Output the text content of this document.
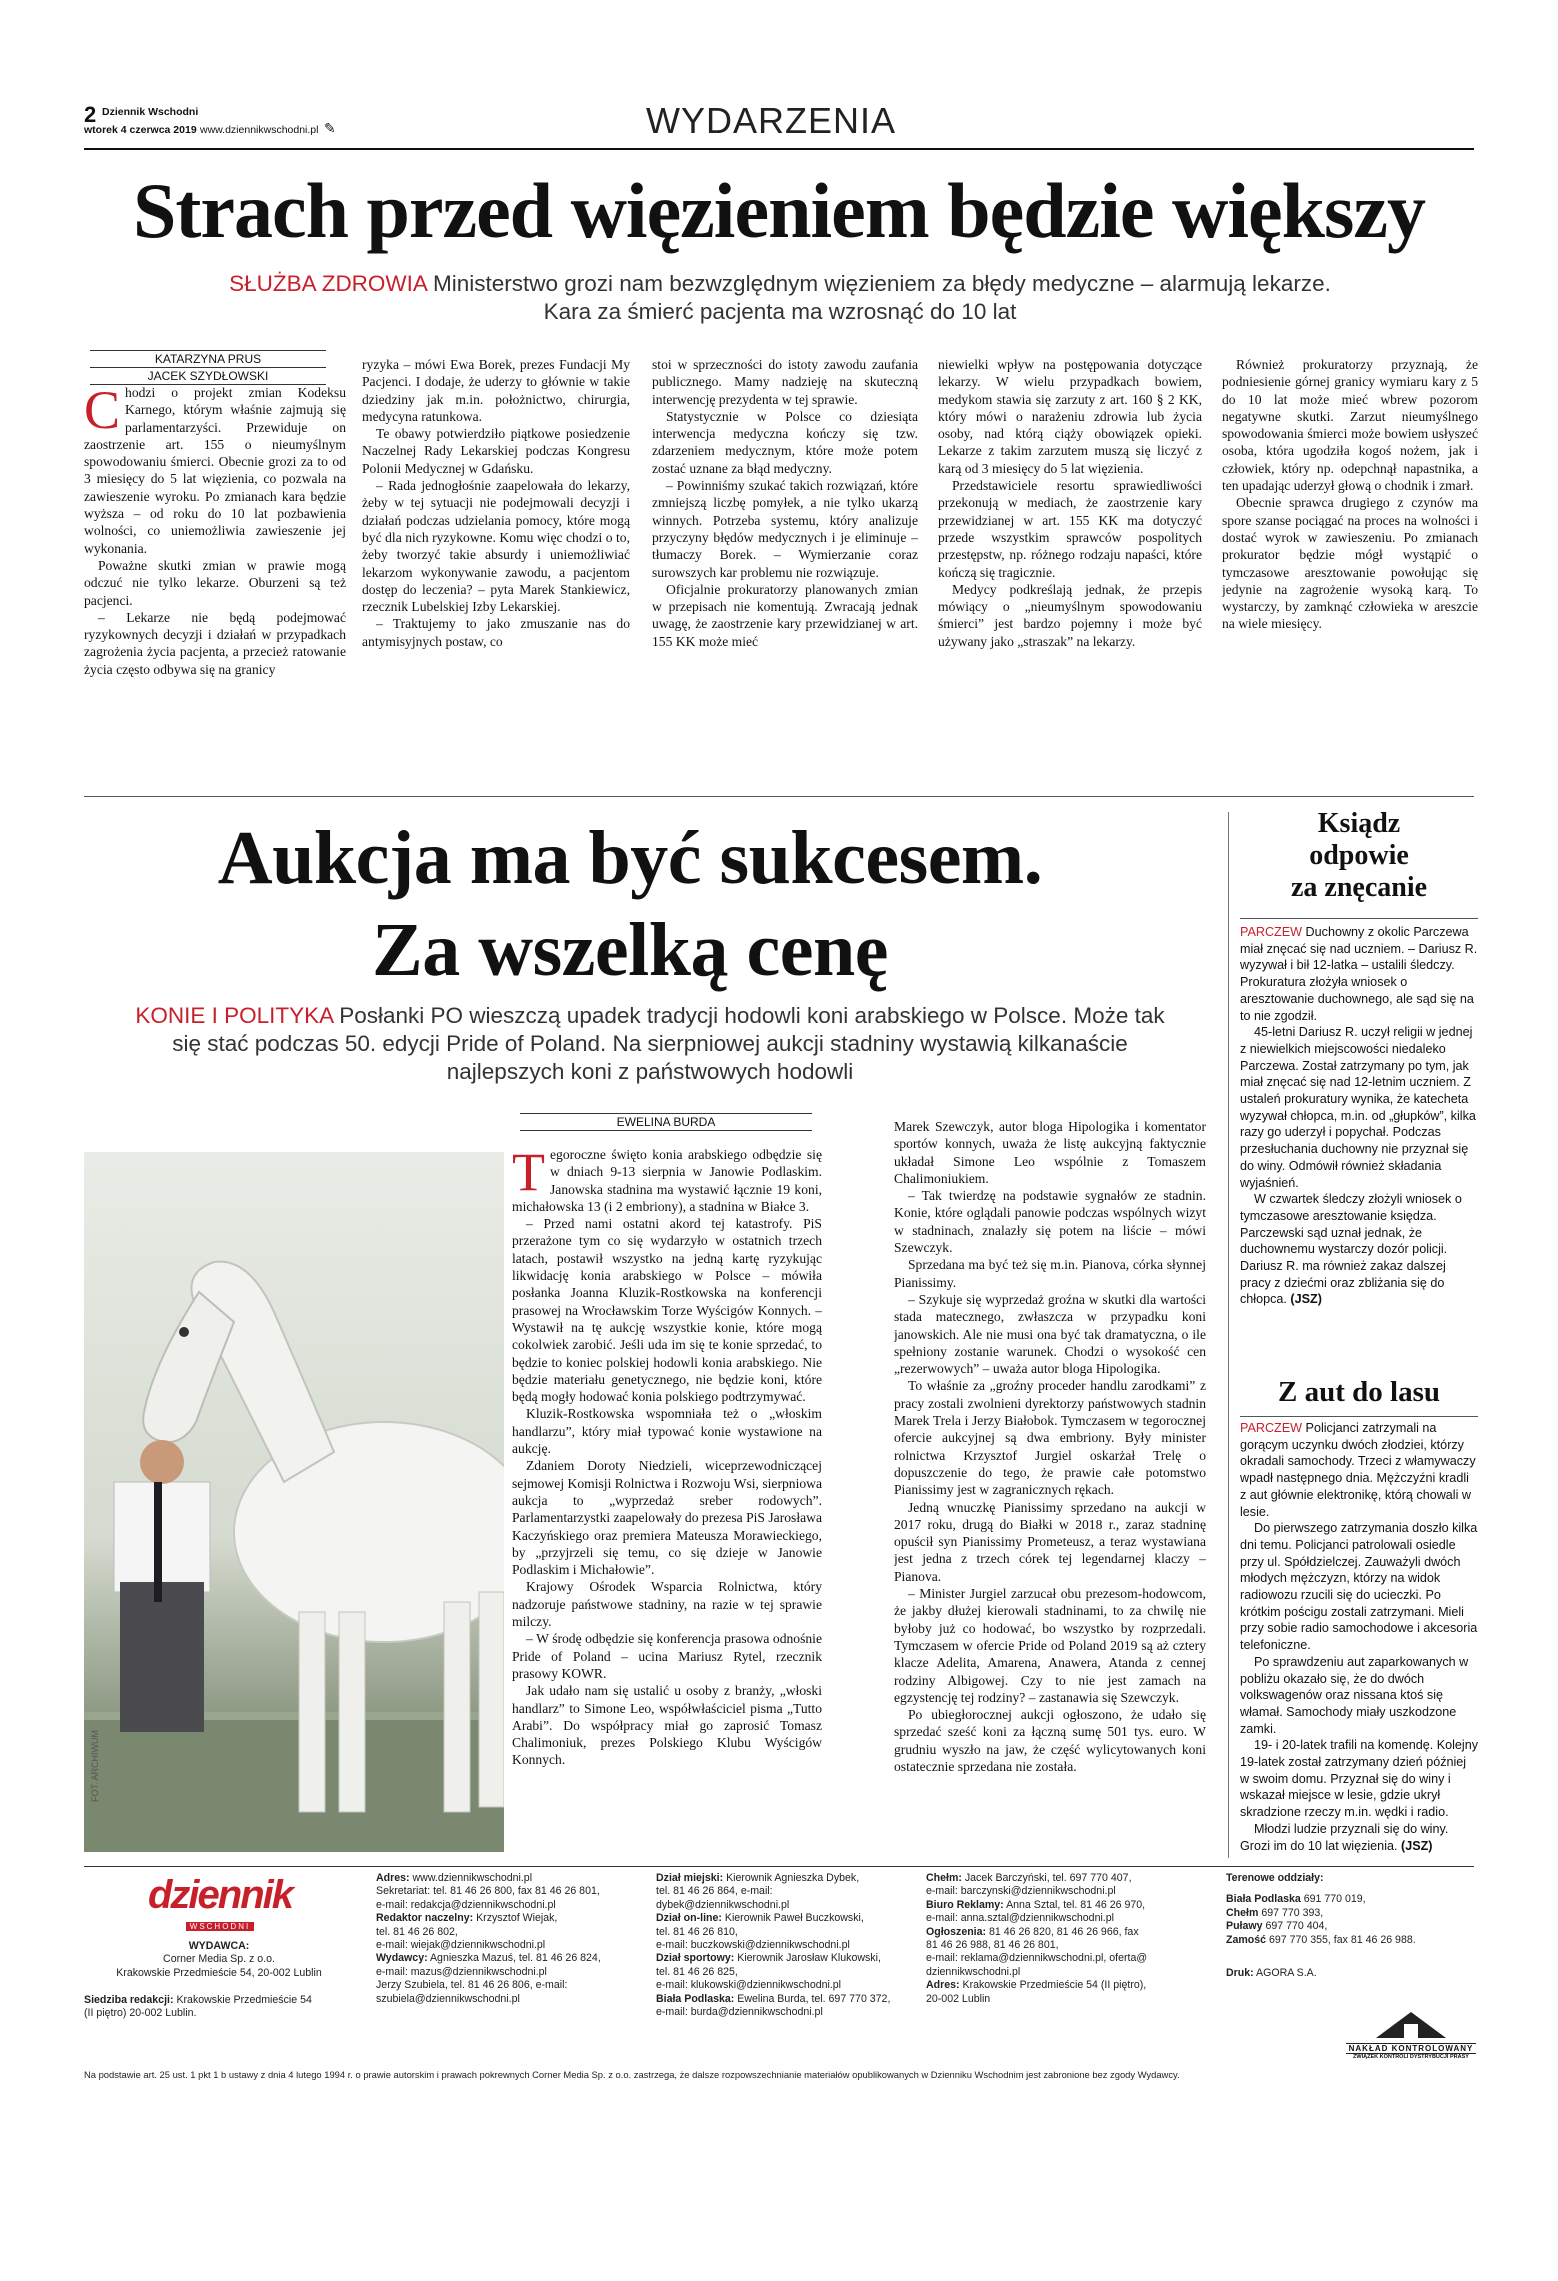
2 Dziennik Wschodni
wtorek 4 czerwca 2019 www.dziennikwschodni.pl ✎	WYDARZENIA
Strach przed więzieniem będzie większy
SŁUŻBA ZDROWIA Ministerstwo grozi nam bezwzględnym więzieniem za błędy medyczne – alarmują lekarze.
Kara za śmierć pacjenta ma wzrosnąć do 10 lat
KATARZYNA PRUS
JACEK SZYDŁOWSKI

Chodzi o projekt zmian Kodeksu Karnego, którym właśnie zajmują się parlamentarzyści. Przewiduje on zaostrzenie art. 155 o nieumyślnym spowodowaniu śmierci. Obecnie grozi za to od 3 miesięcy do 5 lat więzienia, co pozwala na zawieszenie wyroku. Po zmianach kara będzie wyższa – od roku do 10 lat pozbawienia wolności, co uniemożliwia zawieszenie jej wykonania.

Poważne skutki zmian w prawie mogą odczuć nie tylko lekarze. Oburzeni są też pacjenci.

– Lekarze nie będą podejmować ryzykownych decyzji i działań w przypadkach zagrożenia życia pacjenta, a przecież ratowanie życia często odbywa się na granicy

ryzyka – mówi Ewa Borek, prezes Fundacji My Pacjenci. I dodaje, że uderzy to głównie w takie dziedziny jak m.in. położnictwo, chirurgia, medycyna ratunkowa.

Te obawy potwierdziło piątkowe posiedzenie Naczelnej Rady Lekarskiej podczas Kongresu Polonii Medycznej w Gdańsku.

– Rada jednogłośnie zaapelowała do lekarzy, żeby w tej sytuacji nie podejmowali decyzji i działań podczas udzielania pomocy, które mogą być dla nich ryzykowne. Komu więc chodzi o to, żeby tworzyć takie absurdy i uniemożliwiać lekarzom wykonywanie zawodu, a pacjentom dostęp do leczenia? – pyta Marek Stankiewicz, rzecznik Lubelskiej Izby Lekarskiej.

– Traktujemy to jako zmuszanie nas do antymisyjnych postaw, co

stoi w sprzeczności do istoty zawodu zaufania publicznego. Mamy nadzieję na skuteczną interwencję prezydenta w tej sprawie.

Statystycznie w Polsce co dziesiąta interwencja medyczna kończy się tzw. zdarzeniem medycznym, które może potem zostać uznane za błąd medyczny.

– Powinniśmy szukać takich rozwiązań, które zmniejszą liczbę pomyłek, a nie tylko ukarzą winnych. Potrzeba systemu, który analizuje przyczyny błędów medycznych i je eliminuje – tłumaczy Borek. – Wymierzanie coraz surowszych kar problemu nie rozwiązuje.

Oficjalnie prokuratorzy planowanych zmian w przepisach nie komentują. Zwracają jednak uwagę, że zaostrzenie kary przewidzianej w art. 155 KK może mieć

niewielki wpływ na postępowania dotyczące lekarzy. W wielu przypadkach bowiem, medykom stawia się zarzuty z art. 160 § 2 KK, który mówi o narażeniu zdrowia lub życia osoby, nad którą ciąży obowiązek opieki. Lekarze z takim zarzutem muszą się liczyć z karą od 3 miesięcy do 5 lat więzienia.

Przedstawiciele resortu sprawiedliwości przekonują w mediach, że zaostrzenie kary przewidzianej w art. 155 KK ma dotyczyć przede wszystkim sprawców pospolitych przestępstw, np. różnego rodzaju napaści, które kończą się tragicznie.

Medycy podkreślają jednak, że przepis mówiący o „nieumyślnym spowodowaniu śmierci” jest bardzo pojemny i może być używany jako „straszak” na lekarzy.

Również prokuratorzy przyznają, że podniesienie górnej granicy wymiaru kary z 5 do 10 lat może mieć wbrew pozorom negatywne skutki. Zarzut nieumyślnego spowodowania śmierci może bowiem usłyszeć osoba, która ugodziła kogoś nożem, jak i człowiek, który np. odepchnął napastnika, a ten upadając uderzył głową o chodnik i zmarł.

Obecnie sprawca drugiego z czynów ma spore szanse pociągać na proces na wolności i dostać wyrok w zawieszeniu. Po zmianach prokurator będzie mógł wystąpić o tymczasowe aresztowanie powołując się jedynie na zagrożenie wysoką karą. To wystarczy, by zamknąć człowieka w areszcie na wiele miesięcy.

Aukcja ma być sukcesem.
Za wszelką cenę
KONIE I POLITYKA Posłanki PO wieszczą upadek tradycji hodowli koni arabskiego w Polsce. Może tak
się stać podczas 50. edycji Pride of Poland. Na sierpniowej aukcji stadniny wystawią kilkanaście
najlepszych koni z państwowych hodowli
FOT. ARCHIWUM
EWELINA BURDA

Tegoroczne święto konia arabskiego odbędzie się w dniach 9-13 sierpnia w Janowie Podlaskim. Janowska stadnina ma wystawić łącznie 19 koni, michałowska 13 (i 2 embriony), a stadnina w Białce 3.

– Przed nami ostatni akord tej katastrofy. PiS przerażone tym co się wydarzyło w ostatnich trzech latach, postawił wszystko na jedną kartę ryzykując likwidację konia arabskiego w Polsce – mówiła posłanka Joanna Kluzik-Rostkowska na konferencji prasowej na Wrocławskim Torze Wyścigów Konnych. –Wystawił na tę aukcję wszystkie konie, które mogą cokolwiek zarobić. Jeśli uda im się te konie sprzedać, to będzie to koniec polskiej hodowli konia arabskiego. Nie będzie materiału genetycznego, nie będzie koni, które będą mogły hodować konia polskiego podtrzymywać.

Kluzik-Rostkowska wspomniała też o „włoskim handlarzu”, który miał typować konie wystawione na aukcję.

Zdaniem Doroty Niedzieli, wiceprzewodniczącej sejmowej Komisji Rolnictwa i Rozwoju Wsi, sierpniowa aukcja to „wyprzedaż sreber rodowych”. Parlamentarzystki zaapelowały do prezesa PiS Jarosława Kaczyńskiego oraz premiera Mateusza Morawieckiego, by „przyjrzeli się temu, co się dzieje w Janowie Podlaskim i Michałowie”.

Krajowy Ośrodek Wsparcia Rolnictwa, który nadzoruje państwowe stadniny, na razie w tej sprawie milczy.

– W środę odbędzie się konferencja prasowa odnośnie Pride of Poland – ucina Mariusz Rytel, rzecznik prasowy KOWR.

Jak udało nam się ustalić u osoby z branży, „włoski handlarz” to Simone Leo, współwłaściciel pisma „Tutto Arabi”. Do współpracy miał go zaprosić Tomasz Chalimoniuk, prezes Polskiego Klubu Wyścigów Konnych.

Marek Szewczyk, autor bloga Hipologika i komentator sportów konnych, uważa że listę aukcyjną faktycznie układał Simone Leo wspólnie z Tomaszem Chalimoniukiem.

– Tak twierdzę na podstawie sygnałów ze stadnin. Konie, które oglądali panowie podczas wspólnych wizyt w stadninach, znalazły się potem na liście – mówi Szewczyk.

Sprzedana ma być też się m.in. Pianova, córka słynnej Pianissimy.

– Szykuje się wyprzedaż groźna w skutki dla wartości stada matecznego, zwłaszcza w przypadku koni janowskich. Ale nie musi ona być tak dramatyczna, o ile spełniony zostanie warunek. Chodzi o wysokość cen „rezerwowych” – uważa autor bloga Hipologika.

To właśnie za „groźny proceder handlu zarodkami” z pracy zostali zwolnieni dyrektorzy państwowych stadnin Marek Trela i Jerzy Białobok. Tymczasem w tegorocznej ofercie aukcyjnej są dwa embriony. Były minister rolnictwa Krzysztof Jurgiel oskarżał Trelę o dopuszczenie do tego, że prawie całe potomstwo Pianissimy jest w zagranicznych rękach.

Jedną wnuczkę Pianissimy sprzedano na aukcji w 2017 roku, drugą do Białki w 2018 r., zaraz stadninę opuścił syn Pianissimy Prometeusz, a teraz wystawiana jest jedna z trzech córek tej legendarnej klaczy – Pianova.

– Minister Jurgiel zarzucał obu prezesom-hodowcom, że jakby dłużej kierowali stadninami, to za chwilę nie byłoby już co hodować, bo wszystko by rozprzedali. Tymczasem w ofercie Pride od Poland 2019 są aż cztery klacze Adelita, Amarena, Anawera, Atanda z cennej rodziny Albigowej. Czy to nie jest zamach na egzystencję tej rodziny? – zastanawia się Szewczyk.

Po ubiegłorocznej aukcji ogłoszono, że udało się sprzedać sześć koni za łączną sumę 501 tys. euro. W grudniu wyszło na jaw, że część wylicytowanych koni ostatecznie sprzedana nie została.

Ksiądz
odpowie
za znęcanie

PARCZEW Duchowny z okolic Parczewa miał znęcać się nad uczniem. – Dariusz R. wyzywał i bił 12-latka – ustalili śledczy. Prokuratura złożyła wniosek o aresztowanie duchownego, ale sąd się na to nie zgodził.

45-letni Dariusz R. uczył religii w jednej z niewielkich miejscowości niedaleko Parczewa. Został zatrzymany po tym, jak miał znęcać się nad 12-letnim uczniem. Z ustaleń prokuratury wynika, że katecheta wyzywał chłopca, m.in. od „głupków”, kilka razy go uderzył i popychał. Podczas przesłuchania duchowny nie przyznał się do winy. Odmówił również składania wyjaśnień.

W czwartek śledczy złożyli wniosek o tymczasowe aresztowanie księdza. Parczewski sąd uznał jednak, że duchownemu wystarczy dozór policji. Dariusz R. ma również zakaz dalszej pracy z dziećmi oraz zbliżania się do chłopca. (JSZ)

Z aut do lasu

PARCZEW Policjanci zatrzymali na gorącym uczynku dwóch złodziei, którzy okradali samochody. Trzeci z włamywaczy wpadł następnego dnia. Mężczyźni kradli z aut głównie elektronikę, którą chowali w lesie.

Do pierwszego zatrzymania doszło kilka dni temu. Policjanci patrolowali osiedle przy ul. Spółdzielczej. Zauważyli dwóch młodych mężczyzn, którzy na widok radiowozu rzucili się do ucieczki. Po krótkim pościgu zostali zatrzymani. Mieli przy sobie radio samochodowe i akcesoria telefoniczne.

Po sprawdzeniu aut zaparkowanych w pobliżu okazało się, że do dwóch volkswagenów oraz nissana ktoś się włamał. Samochody miały uszkodzone zamki.

19- i 20-latek trafili na komendę. Kolejny 19-latek został zatrzymany dzień później w swoim domu. Przyznał się do winy i wskazał miejsce w lesie, gdzie ukrył skradzione rzeczy m.in. wędki i radio.

Młodzi ludzie przyznali się do winy. Grozi im do 10 lat więzienia. (JSZ)

dziennik
WSCHODNI
WYDAWCA:
Corner Media Sp. z o.o.
Krakowskie Przedmieście 54, 20-002 Lublin
Siedziba redakcji: Krakowskie Przedmieście 54
(II piętro) 20-002 Lublin.
Adres: www.dziennikwschodni.pl
Sekretariat: tel. 81 46 26 800, fax 81 46 26 801,
e-mail: redakcja@dziennikwschodni.pl
Redaktor naczelny: Krzysztof Wiejak,
tel. 81 46 26 802,
e-mail: wiejak@dziennikwschodni.pl
Wydawcy: Agnieszka Mazuś, tel. 81 46 26 824,
e-mail: mazus@dziennikwschodni.pl
Jerzy Szubiela, tel. 81 46 26 806, e-mail:
szubiela@dziennikwschodni.pl
Dział miejski: Kierownik Agnieszka Dybek,
tel. 81 46 26 864, e-mail:
dybek@dziennikwschodni.pl
Dział on-line: Kierownik Paweł Buczkowski,
tel. 81 46 26 810,
e-mail: buczkowski@dziennikwschodni.pl
Dział sportowy: Kierownik Jarosław Klukowski,
tel. 81 46 26 825,
e-mail: klukowski@dziennikwschodni.pl
Biała Podlaska: Ewelina Burda, tel. 697 770 372,
e-mail: burda@dziennikwschodni.pl
Chełm: Jacek Barczyński, tel. 697 770 407,
e-mail: barczynski@dziennikwschodni.pl
Biuro Reklamy: Anna Sztal, tel. 81 46 26 970,
e-mail: anna.sztal@dziennikwschodni.pl
Ogłoszenia: 81 46 26 820, 81 46 26 966, fax
81 46 26 988, 81 46 26 801,
e-mail: reklama@dziennikwschodni.pl, oferta@
dziennikwschodni.pl
Adres: Krakowskie Przedmieście 54 (II piętro),
20-002 Lublin
Terenowe oddziały:
Biała Podlaska 691 770 019,
Chełm 697 770 393,
Puławy 697 770 404,
Zamość 697 770 355, fax 81 46 26 988.
Druk: AGORA S.A.
NAKŁAD KONTROLOWANY
ZWIĄZEK KONTROLI DYSTRYBUCJI PRASY
Na podstawie art. 25 ust. 1 pkt 1 b ustawy z dnia 4 lutego 1994 r. o prawie autorskim i prawach pokrewnych Corner Media Sp. z o.o. zastrzega, że dalsze rozpowszechnianie materiałów opublikowanych w Dzienniku Wschodnim jest zabronione bez zgody Wydawcy.
